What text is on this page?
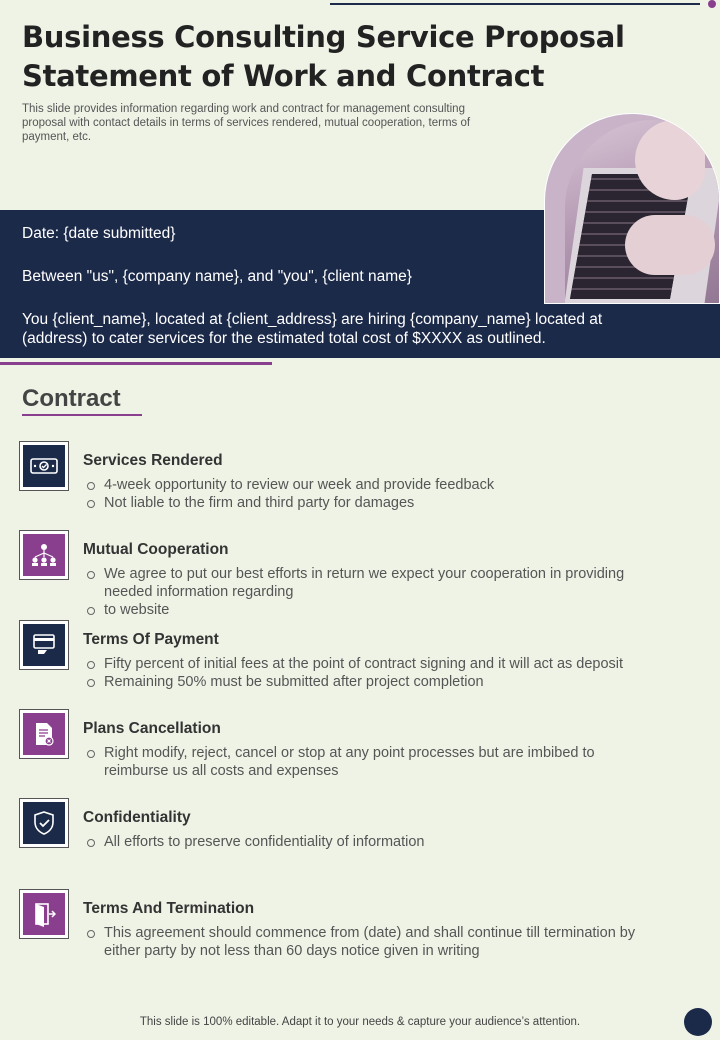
Business Consulting Service Proposal
Statement of Work and Contract

This slide provides information regarding work and contract for management consulting proposal with contact details in terms of services rendered, mutual cooperation, terms of payment, etc.

Date: {date submitted}

Between "us", {company name}, and "you", {client name}

You {client_name}, located at {client_address} are hiring {company_name} located at

(address) to cater services for the estimated total cost of $XXXX as outlined.

Contract
Services Rendered
4-week opportunity to review our week and provide feedback
Not liable to the firm and third party for damages
Mutual Cooperation
We agree to put our best efforts in return we expect your cooperation in providing needed information regarding
to website
Terms Of Payment
Fifty percent of initial fees at the point of contract signing and it will act as deposit
Remaining 50% must be submitted after project completion
Plans Cancellation
Right modify, reject, cancel or stop at any point processes but are imbibed to reimburse us all costs and expenses
Confidentiality
All efforts to preserve confidentiality of information
Terms And Termination
This agreement should commence from (date) and shall continue till termination by either party by not less than 60 days notice given in writing
This slide is 100% editable. Adapt it to your needs & capture your audience’s attention.
